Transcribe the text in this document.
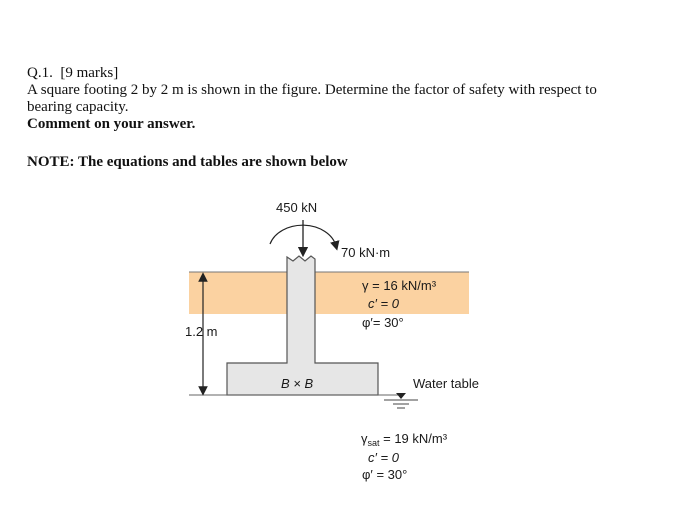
Q.1. [9 marks]
A square footing 2 by 2 m is shown in the figure. Determine the factor of safety with respect to
bearing capacity.
Comment on your answer.
NOTE: The equations and tables are shown below
1.2 m
450 kN
70 kN·m
γ = 16 kN/m³
c′ = 0
φ′= 30°
B × B	Water table
$\gamma_{sat} = 19$ kN/m³
c′ = 0
φ′ = 30°
